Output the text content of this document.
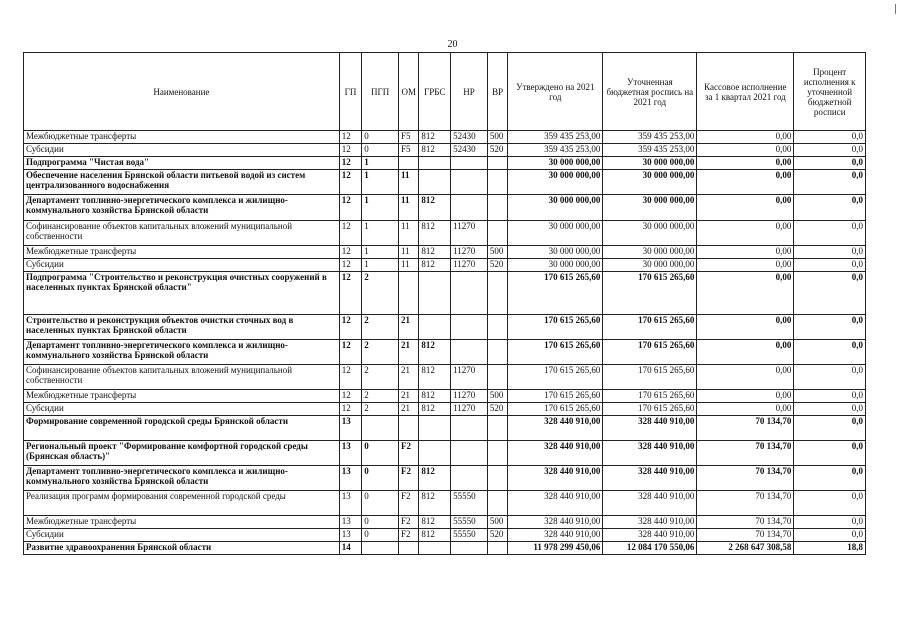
20
Наименование	ГП	ПГП	ОМ	ГРБС	НР	ВР	Утверждено на 2021 год	Уточненная бюджетная роспись на 2021 год	Кассовое исполнение за 1 квартал 2021 год	Процент исполнения к уточненной бюджетной росписи
Межбюджетные трансферты	12	0	F5	812	52430	500	359 435 253,00	359 435 253,00	0,00	0,0
Субсидии	12	0	F5	812	52430	520	359 435 253,00	359 435 253,00	0,00	0,0
Подпрограмма "Чистая вода"	12	1					30 000 000,00	30 000 000,00	0,00	0,0
Обеспечение населения Брянской области питьевой водой из систем централизованного водоснабжения	12	1	11				30 000 000,00	30 000 000,00	0,00	0,0
Департамент топливно-энергетического комплекса и жилищно-коммунального хозяйства Брянской области	12	1	11	812			30 000 000,00	30 000 000,00	0,00	0,0
Софинансирование объектов капитальных вложений муниципальной собственности	12	1	11	812	11270		30 000 000,00	30 000 000,00	0,00	0,0
Межбюджетные трансферты	12	1	11	812	11270	500	30 000 000,00	30 000 000,00	0,00	0,0
Субсидии	12	1	11	812	11270	520	30 000 000,00	30 000 000,00	0,00	0,0
Подпрограмма "Строительство и реконструкция очистных сооружений в населенных пунктах Брянской области"	12	2					170 615 265,60	170 615 265,60	0,00	0,0
Строительство и реконструкция объектов очистки сточных вод в населенных пунктах Брянской области	12	2	21				170 615 265,60	170 615 265,60	0,00	0,0
Департамент топливно-энергетического комплекса и жилищно-коммунального хозяйства Брянской области	12	2	21	812			170 615 265,60	170 615 265,60	0,00	0,0
Софинансирование объектов капитальных вложений муниципальной собственности	12	2	21	812	11270		170 615 265,60	170 615 265,60	0,00	0,0
Межбюджетные трансферты	12	2	21	812	11270	500	170 615 265,60	170 615 265,60	0,00	0,0
Субсидии	12	2	21	812	11270	520	170 615 265,60	170 615 265,60	0,00	0,0
Формирование современной городской среды Брянской области	13						328 440 910,00	328 440 910,00	70 134,70	0,0
Региональный проект "Формирование комфортной городской среды (Брянская область)"	13	0	F2				328 440 910,00	328 440 910,00	70 134,70	0,0
Департамент топливно-энергетического комплекса и жилищно-коммунального хозяйства Брянской области	13	0	F2	812			328 440 910,00	328 440 910,00	70 134,70	0,0
Реализация программ формирования современной городской среды	13	0	F2	812	55550		328 440 910,00	328 440 910,00	70 134,70	0,0
Межбюджетные трансферты	13	0	F2	812	55550	500	328 440 910,00	328 440 910,00	70 134,70	0,0
Субсидии	13	0	F2	812	55550	520	328 440 910,00	328 440 910,00	70 134,70	0,0
Развитие здравоохранения Брянской области	14						11 978 299 450,06	12 084 170 550,06	2 268 647 308,58	18,8
